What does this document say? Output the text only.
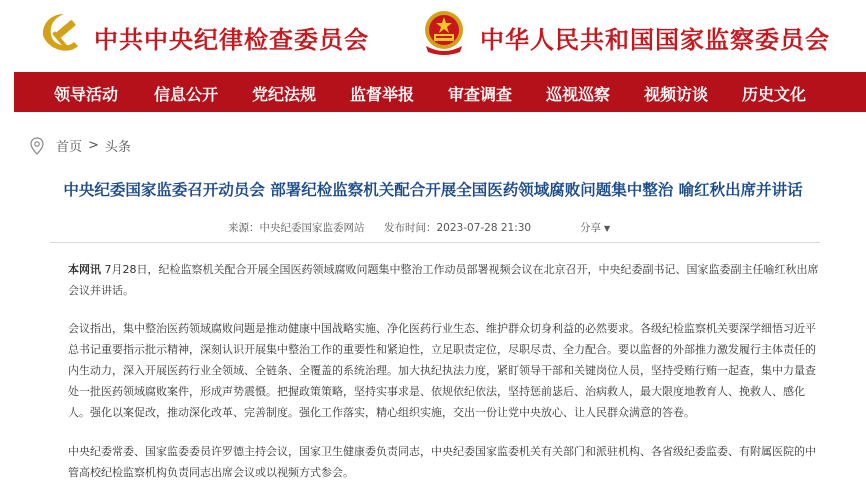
中共中央纪律检查委员会	中华人民共和国国家监察委员会
领导活动 信息公开 党纪法规 监督举报 审查调查 巡视巡察 视频访谈 历史文化
首页 > 头条
中央纪委国家监委召开动员会 部署纪检监察机关配合开展全国医药领域腐败问题集中整治 喻红秋出席并讲话
来源：中央纪委国家监委网站 发布时间：2023-07-28 21:30	分享 ▼

本网讯 7月28日，纪检监察机关配合开展全国医药领域腐败问题集中整治工作动员部署视频会议在北京召开，中央纪委副书记、国家监委副主任喻红秋出席会议并讲话。

会议指出，集中整治医药领域腐败问题是推动健康中国战略实施、净化医药行业生态、维护群众切身利益的必然要求。各级纪检监察机关要深学细悟习近平总书记重要指示批示精神，深刻认识开展集中整治工作的重要性和紧迫性，立足职责定位，尽职尽责、全力配合。要以监督的外部推力激发履行主体责任的内生动力，深入开展医药行业全领域、全链条、全覆盖的系统治理。加大执纪执法力度，紧盯领导干部和关键岗位人员，坚持受贿行贿一起查，集中力量查处一批医药领域腐败案件，形成声势震慑。把握政策策略，坚持实事求是、依规依纪依法，坚持惩前毖后、治病救人，最大限度地教育人、挽救人、感化人。强化以案促改，推动深化改革、完善制度。强化工作落实，精心组织实施，交出一份让党中央放心、让人民群众满意的答卷。

中央纪委常委、国家监委委员许罗德主持会议，国家卫生健康委负责同志，中央纪委国家监委机关有关部门和派驻机构、各省级纪委监委、有附属医院的中管高校纪检监察机构负责同志出席会议或以视频方式参会。
